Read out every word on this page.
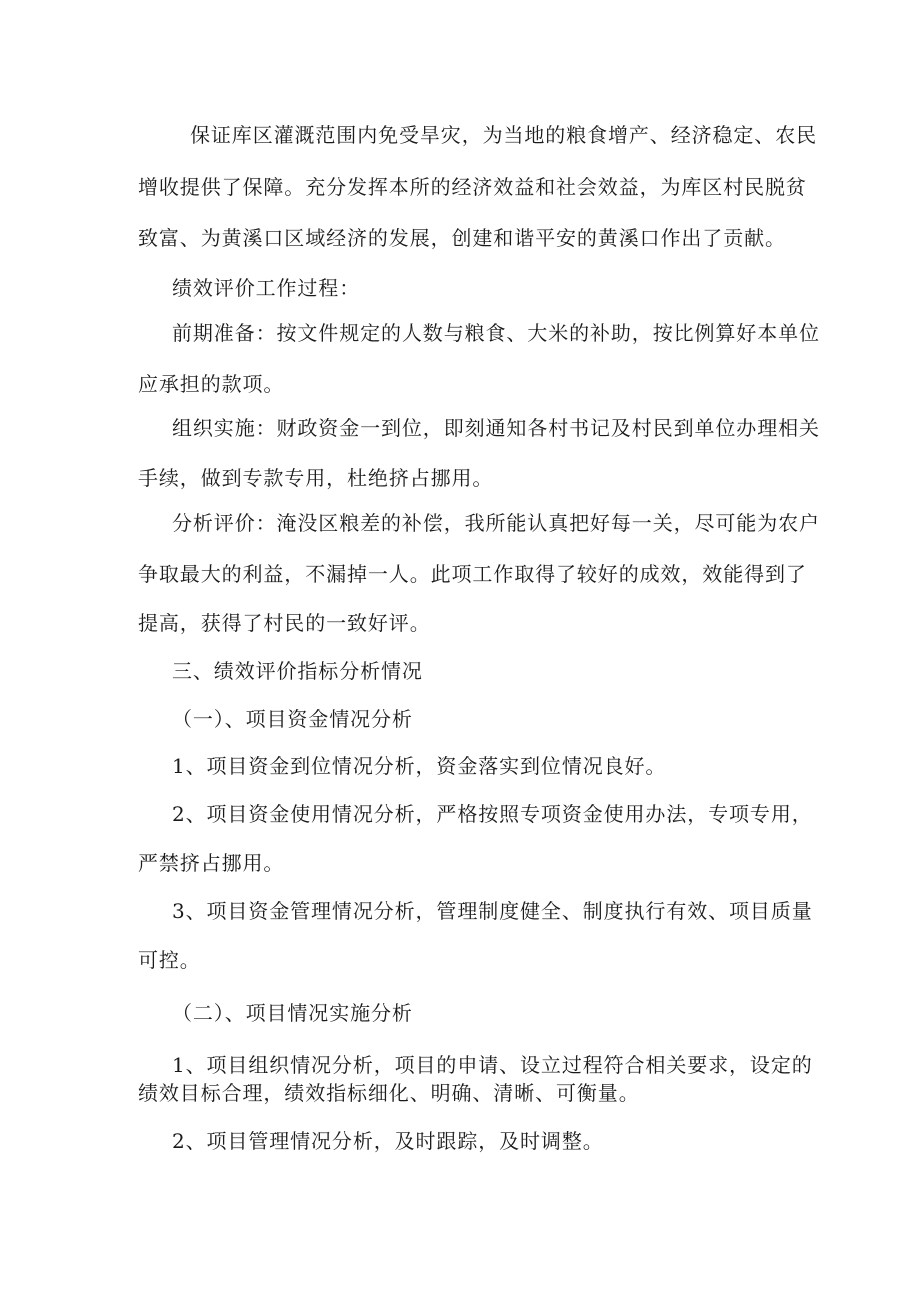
保证库区灌溉范围内免受旱灾，为当地的粮食增产、经济稳定、农民
增收提供了保障。充分发挥本所的经济效益和社会效益，为库区村民脱贫
致富、为黄溪口区域经济的发展，创建和谐平安的黄溪口作出了贡献。
绩效评价工作过程：
前期准备：按文件规定的人数与粮食、大米的补助，按比例算好本单位
应承担的款项。
组织实施：财政资金一到位，即刻通知各村书记及村民到单位办理相关
手续，做到专款专用，杜绝挤占挪用。
分析评价：淹没区粮差的补偿，我所能认真把好每一关，尽可能为农户
争取最大的利益，不漏掉一人。此项工作取得了较好的成效，效能得到了
提高，获得了村民的一致好评。
三、绩效评价指标分析情况
（一）、项目资金情况分析
1、项目资金到位情况分析，资金落实到位情况良好。
2、项目资金使用情况分析，严格按照专项资金使用办法，专项专用，
严禁挤占挪用。
3、项目资金管理情况分析，管理制度健全、制度执行有效、项目质量
可控。
（二）、项目情况实施分析
1、项目组织情况分析，项目的申请、设立过程符合相关要求，设定的
绩效目标合理，绩效指标细化、明确、清晰、可衡量。
2、项目管理情况分析，及时跟踪，及时调整。
